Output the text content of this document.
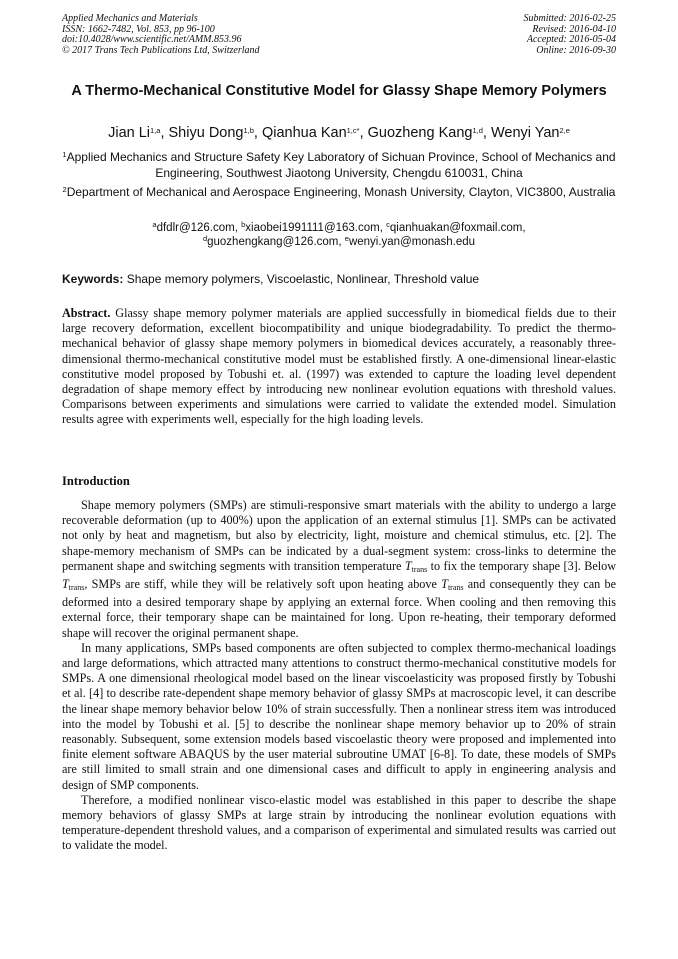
Applied Mechanics and Materials
ISSN: 1662-7482, Vol. 853, pp 96-100
doi:10.4028/www.scientific.net/AMM.853.96
© 2017 Trans Tech Publications Ltd, Switzerland
Submitted: 2016-02-25
Revised: 2016-04-10
Accepted: 2016-05-04
Online: 2016-09-30
A Thermo-Mechanical Constitutive Model for Glassy Shape Memory Polymers
Jian Li$^{1,a}$, Shiyu Dong$^{1,b}$, Qianhua Kan$^{1,c*}$, Guozheng Kang$^{1,d}$, Wenyi Yan$^{2,e}$
$^1$Applied Mechanics and Structure Safety Key Laboratory of Sichuan Province, School of Mechanics and Engineering, Southwest Jiaotong University, Chengdu 610031, China
$^2$Department of Mechanical and Aerospace Engineering, Monash University, Clayton, VIC3800, Australia
$^a$dfdlr@126.com, $^b$xiaobei1991111@163.com, $^c$qianhuakan@foxmail.com,
$^d$guozhengkang@126.com, $^e$wenyi.yan@monash.edu
Keywords: Shape memory polymers, Viscoelastic, Nonlinear, Threshold value
Abstract. Glassy shape memory polymer materials are applied successfully in biomedical fields due to their large recovery deformation, excellent biocompatibility and unique biodegradability. To predict the thermo-mechanical behavior of glassy shape memory polymers in biomedical devices accurately, a reasonably three-dimensional thermo-mechanical constitutive model must be established firstly. A one-dimensional linear-elastic constitutive model proposed by Tobushi et. al. (1997) was extended to capture the loading level dependent degradation of shape memory effect by introducing new nonlinear evolution equations with threshold values. Comparisons between experiments and simulations were carried to validate the extended model. Simulation results agree with experiments well, especially for the high loading levels.
Introduction

Shape memory polymers (SMPs) are stimuli-responsive smart materials with the ability to undergo a large recoverable deformation (up to 400%) upon the application of an external stimulus [1]. SMPs can be activated not only by heat and magnetism, but also by electricity, light, moisture and chemical stimulus, etc. [2]. The shape-memory mechanism of SMPs can be indicated by a dual-segment system: cross-links to determine the permanent shape and switching segments with transition temperature $T_{trans}$ to fix the temporary shape [3]. Below $T_{trans}$, SMPs are stiff, while they will be relatively soft upon heating above $T_{trans}$ and consequently they can be deformed into a desired temporary shape by applying an external force. When cooling and then removing this external force, their temporary shape can be maintained for long. Upon re-heating, their temporary deformed shape will recover the original permanent shape.

In many applications, SMPs based components are often subjected to complex thermo-mechanical loadings and large deformations, which attracted many attentions to construct thermo-mechanical constitutive models for SMPs. A one dimensional rheological model based on the linear viscoelasticity was proposed firstly by Tobushi et al. [4] to describe rate-dependent shape memory behavior of glassy SMPs at macroscopic level, it can describe the linear shape memory behavior below 10% of strain successfully. Then a nonlinear stress item was introduced into the model by Tobushi et al. [5] to describe the nonlinear shape memory behavior up to 20% of strain reasonably. Subsequent, some extension models based viscoelastic theory were proposed and implemented into finite element software ABAQUS by the user material subroutine UMAT [6-8]. To date, these models of SMPs are still limited to small strain and one dimensional cases and difficult to apply in engineering analysis and design of SMP components.

Therefore, a modified nonlinear visco-elastic model was established in this paper to describe the shape memory behaviors of glassy SMPs at large strain by introducing the nonlinear evolution equations with temperature-dependent threshold values, and a comparison of experimental and simulated results was carried out to validate the model.
